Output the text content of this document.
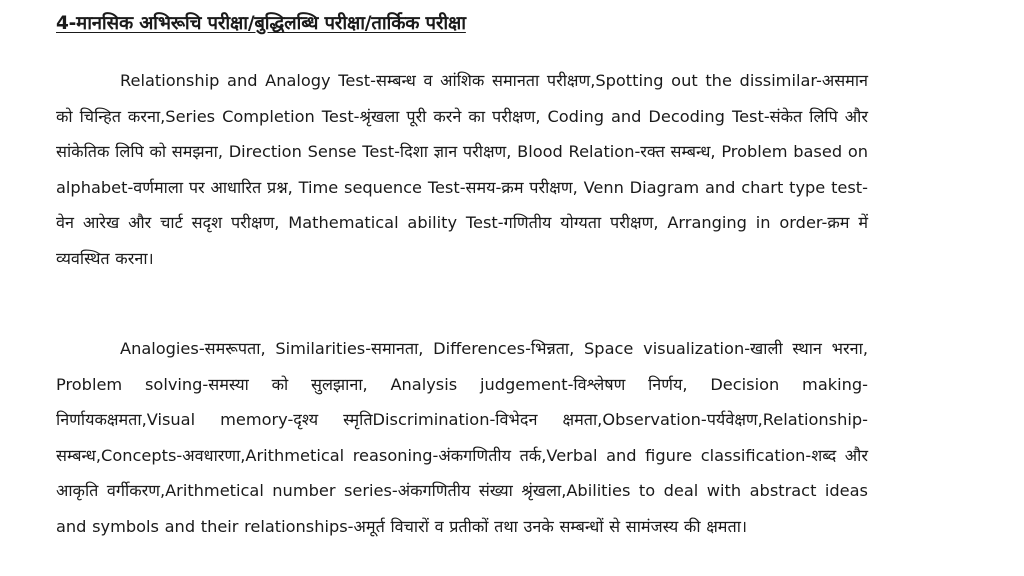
4-मानसिक अभिरूचि परीक्षा/बुद्धिलब्धि परीक्षा/तार्किक परीक्षा

Relationship and Analogy Test-सम्बन्ध व आंशिक समानता परीक्षण,Spotting out the dissimilar-असमान को चिन्हित करना,Series Completion Test-श्रृंखला पूरी करने का परीक्षण, Coding and Decoding Test-संकेत लिपि और सांकेतिक लिपि को समझना, Direction Sense Test-दिशा ज्ञान परीक्षण, Blood Relation-रक्त सम्बन्ध, Problem based on alphabet-वर्णमाला पर आधारित प्रश्न, Time sequence Test-समय-क्रम परीक्षण, Venn Diagram and chart type test-वेन आरेख और चार्ट सदृश परीक्षण, Mathematical ability Test-गणितीय योग्यता परीक्षण, Arranging in order-क्रम में व्यवस्थित करना।

Analogies-समरूपता, Similarities-समानता, Differences-भिन्नता, Space visualization-खाली स्थान भरना, Problem solving-समस्या को सुलझाना, Analysis judgement-विश्लेषण निर्णय, Decision making-निर्णायकक्षमता,Visual memory-दृश्य स्मृतिDiscrimination-विभेदन क्षमता,Observation-पर्यवेक्षण,Relationship-सम्बन्ध,Concepts-अवधारणा,Arithmetical reasoning-अंकगणितीय तर्क,Verbal and figure classification-शब्द और आकृति वर्गीकरण,Arithmetical number series-अंकगणितीय संख्या श्रृंखला,Abilities to deal with abstract ideas and symbols and their relationships-अमूर्त विचारों व प्रतीकों तथा उनके सम्बन्धों से सामंजस्य की क्षमता।
